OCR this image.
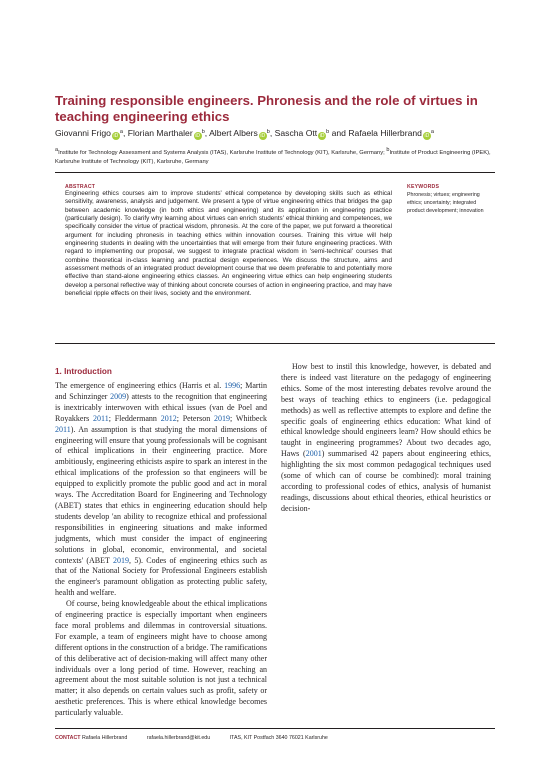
Training responsible engineers. Phronesis and the role of virtues in teaching engineering ethics
Giovanni Frigo $iD^a$, Florian Marthaler $iD^b$, Albert Albers $iD^b$, Sascha Ott $iD^b$ and Rafaela Hillerbrand $iD^a$
aInstitute for Technology Assessment and Systems Analysis (ITAS), Karlsruhe Institute of Technology (KIT), Karlsruhe, Germany; bInstitute of Product Engineering (IPEK), Karlsruhe Institute of Technology (KIT), Karlsruhe, Germany
ABSTRACT

Engineering ethics courses aim to improve students' ethical competence by developing skills such as ethical sensitivity, awareness, analysis and judgement. We present a type of virtue engineering ethics that bridges the gap between academic knowledge (in both ethics and engineering) and its application in engineering practice (particularly design). To clarify why learning about virtues can enrich students' ethical thinking and competences, we specifically consider the virtue of practical wisdom, phronesis. At the core of the paper, we put forward a theoretical argument for including phronesis in teaching ethics within innovation courses. Training this virtue will help engineering students in dealing with the uncertainties that will emerge from their future engineering practices. With regard to implementing our proposal, we suggest to integrate practical wisdom in 'semi-technical' courses that combine theoretical in-class learning and practical design experiences. We discuss the structure, aims and assessment methods of an integrated product development course that we deem preferable to and potentially more effective than stand-alone engineering ethics classes. An engineering virtue ethics can help engineering students develop a personal reflective way of thinking about concrete courses of action in engineering practice, and may have beneficial ripple effects on their lives, society and the environment.

KEYWORDS

Phronesis; virtues; engineering ethics; uncertainty; integrated product development; innovation

1. Introduction

The emergence of engineering ethics (Harris et al. 1996; Martin and Schinzinger 2009) attests to the recognition that engineering is inextricably interwoven with ethical issues (van de Poel and Royakkers 2011; Fleddermann 2012; Peterson 2019; Whitbeck 2011). An assumption is that studying the moral dimensions of engineering will ensure that young professionals will be cognisant of ethical implications in their engineering practice. More ambitiously, engineering ethicists aspire to spark an interest in the ethical implications of the profession so that engineers will be equipped to explicitly promote the public good and act in moral ways. The Accreditation Board for Engineering and Technology (ABET) states that ethics in engineering education should help students develop 'an ability to recognize ethical and professional responsibilities in engineering situations and make informed judgments, which must consider the impact of engineering solutions in global, economic, environmental, and societal contexts' (ABET 2019, 5). Codes of engineering ethics such as that of the National Society for Professional Engineers establish the engineer's paramount obligation as protecting public safety, health and welfare.

Of course, being knowledgeable about the ethical implications of engineering practice is especially important when engineers face moral problems and dilemmas in controversial situations. For example, a team of engineers might have to choose among different options in the construction of a bridge. The ramifications of this deliberative act of decision-making will affect many other individuals over a long period of time. However, reaching an agreement about the most suitable solution is not just a technical matter; it also depends on certain values such as profit, safety or aesthetic preferences. This is where ethical knowledge becomes particularly valuable.

How best to instil this knowledge, however, is debated and there is indeed vast literature on the pedagogy of engineering ethics. Some of the most interesting debates revolve around the best ways of teaching ethics to engineers (i.e. pedagogical methods) as well as reflective attempts to explore and define the specific goals of engineering ethics education: What kind of ethical knowledge should engineers learn? How should ethics be taught in engineering programmes? About two decades ago, Haws (2001) summarised 42 papers about engineering ethics, highlighting the six most common pedagogical techniques used (some of which can of course be combined): moral training according to professional codes of ethics, analysis of humanist readings, discussions about ethical theories, ethical heuristics or decision-

CONTACT Rafaela Hillerbrand	rafaela.hillerbrand@kit.edu	ITAS, KIT Postfach 3640 76021 Karlsruhe
